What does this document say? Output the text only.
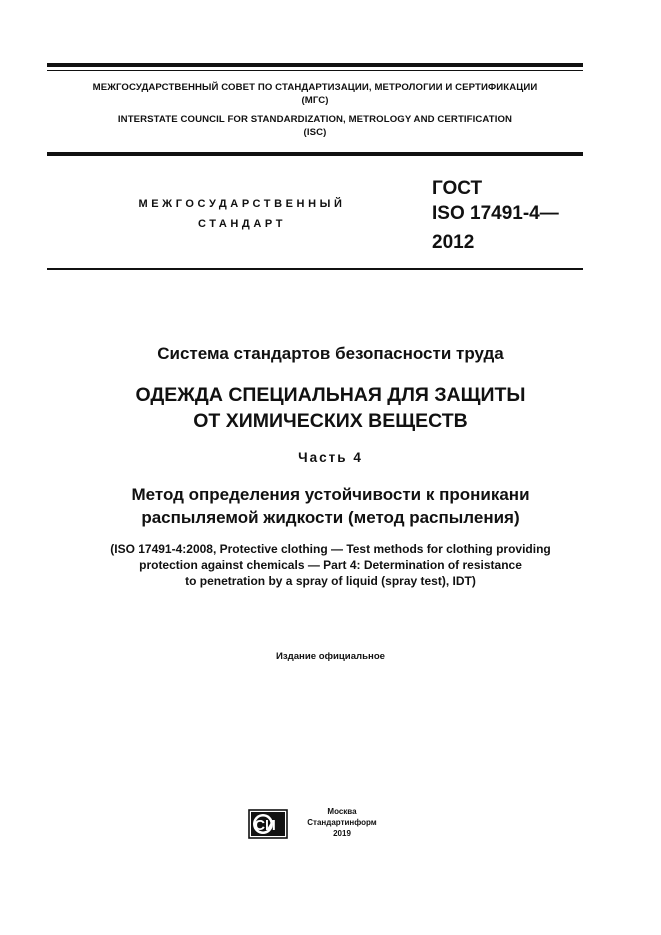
МЕЖГОСУДАРСТВЕННЫЙ СОВЕТ ПО СТАНДАРТИЗАЦИИ, МЕТРОЛОГИИ И СЕРТИФИКАЦИИ
(МГС)
INTERSTATE COUNCIL FOR STANDARDIZATION, METROLOGY AND CERTIFICATION
(ISC)
МЕЖГОСУДАРСТВЕННЫЙ
СТАНДАРТ
ГОСТ
ISO 17491-4—
2012
Система стандартов безопасности труда
ОДЕЖДА СПЕЦИАЛЬНАЯ ДЛЯ ЗАЩИТЫ
ОТ ХИМИЧЕСКИХ ВЕЩЕСТВ
Часть 4
Метод определения устойчивости к проникани
распыляемой жидкости (метод распыления)
(ISO 17491-4:2008, Protective clothing — Test methods for clothing providing
protection against chemicals — Part 4: Determination of resistance
to penetration by a spray of liquid (spray test), IDT)
Издание официальное
СИ
Москва
Стандартинформ
2019
